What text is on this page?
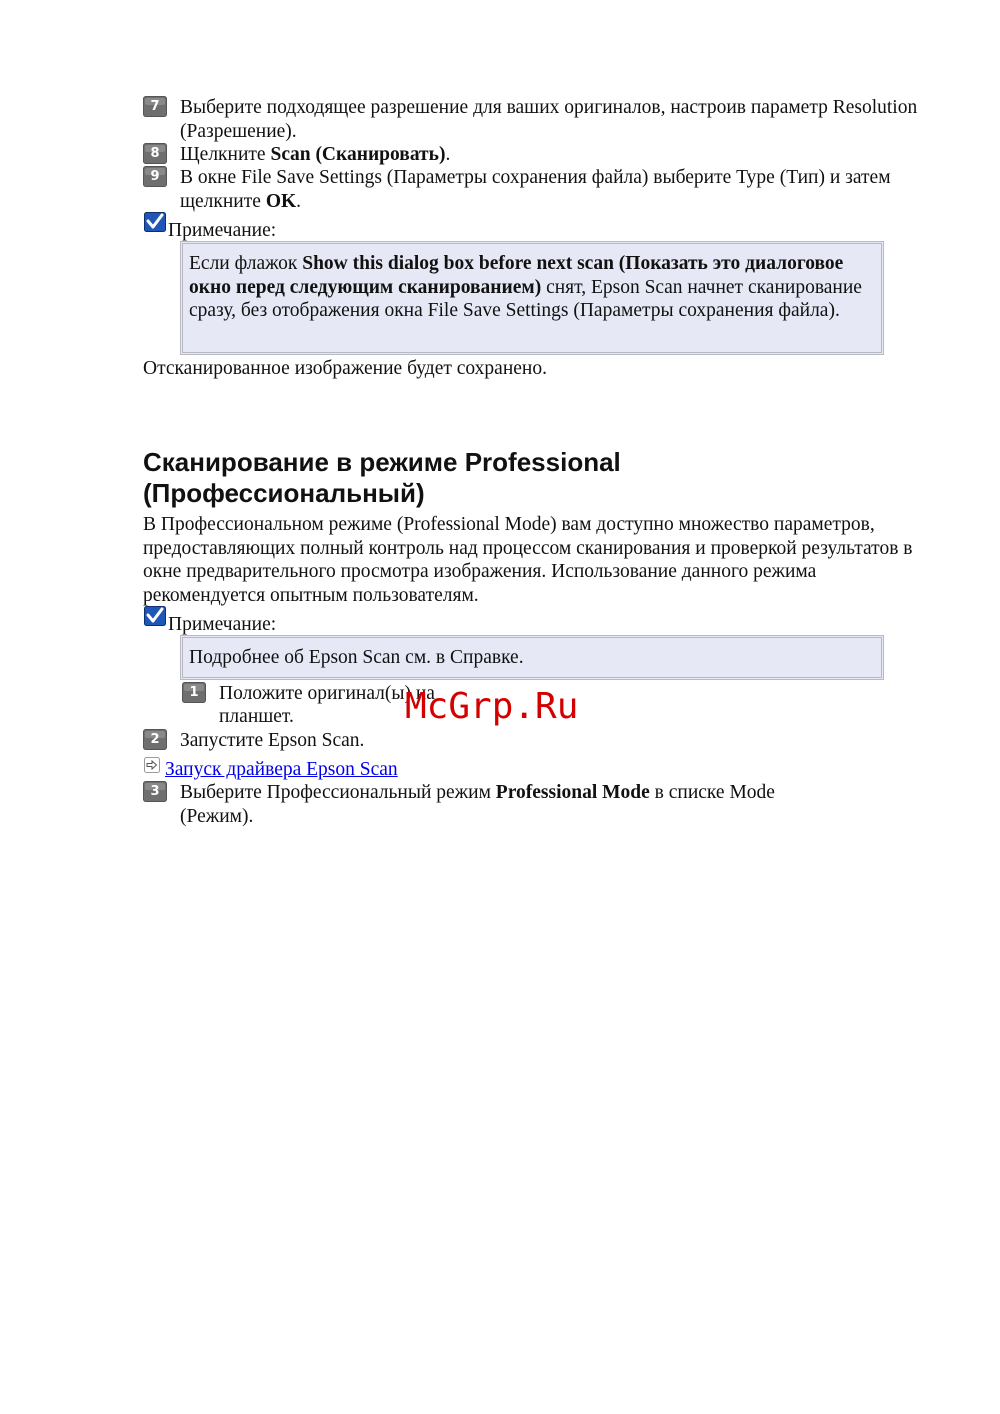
7	Выберите подходящее разрешение для ваших оригиналов, настроив параметр Resolution (Разрешение).
8	Щелкните Scan (Сканировать).
9	В окне File Save Settings (Параметры сохранения файла) выберите Type (Тип) и затем щелкните OK.
Примечание:
Если флажок Show this dialog box before next scan (Показать это диалоговое окно перед следующим сканированием) снят, Epson Scan начнет сканирование сразу, без отображения окна File Save Settings (Параметры сохранения файла).
Отсканированное изображение будет сохранено.
Сканирование в режиме Professional
(Профессиональный)
В Профессиональном режиме (Professional Mode) вам доступно множество параметров, предоставляющих полный контроль над процессом сканирования и проверкой результатов в окне предварительного просмотра изображения. Использование данного режима рекомендуется опытным пользователям.
Примечание:
Подробнее об Epson Scan см. в Справке.
1	Положите оригинал(ы) на
планшет.
2	Запустите Epson Scan.
Запуск драйвера Epson Scan
3	Выберите Профессиональный режим Professional Mode в списке Mode (Режим).
McGrp.Ru
